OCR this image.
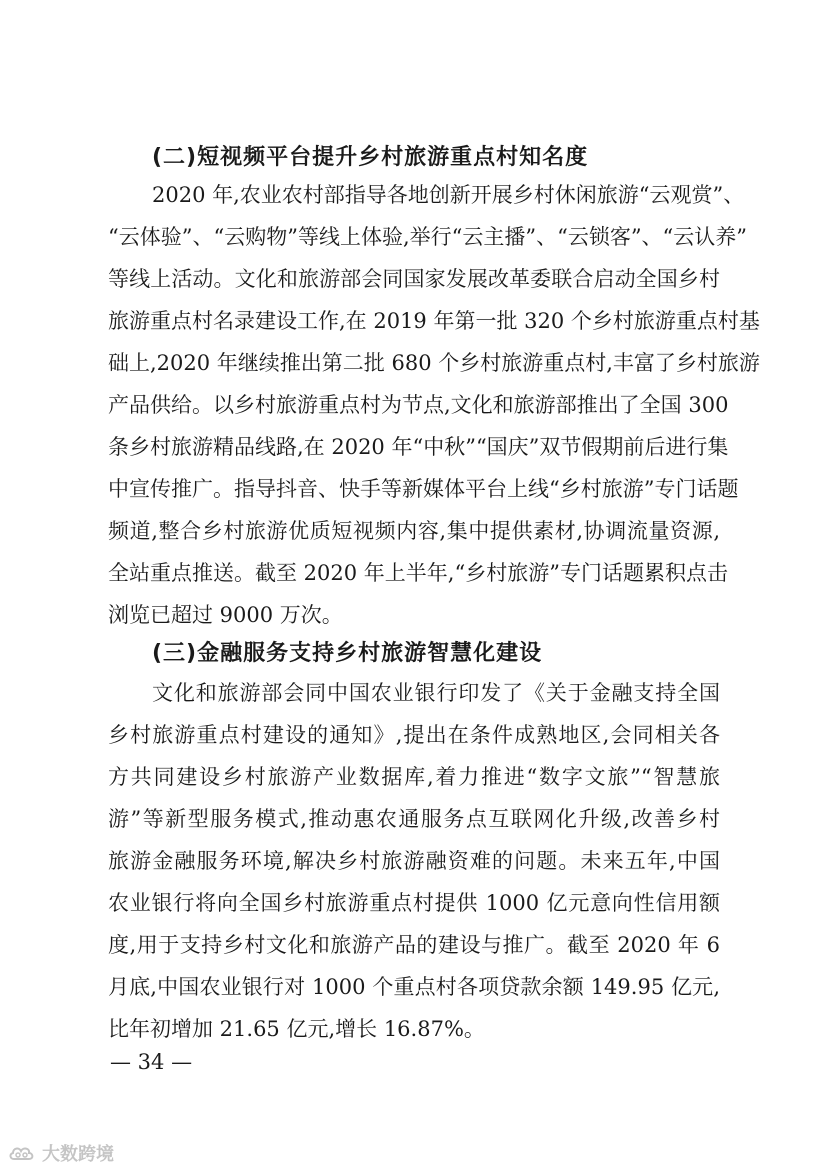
(二)短视频平台提升乡村旅游重点村知名度
2020 年,农业农村部指导各地创新开展乡村休闲旅游“云观赏”、
“云体验”、“云购物”等线上体验,举行“云主播”、“云锁客”、“云认养”
等线上活动。文化和旅游部会同国家发展改革委联合启动全国乡村
旅游重点村名录建设工作,在 2019 年第一批 320 个乡村旅游重点村基
础上,2020 年继续推出第二批 680 个乡村旅游重点村,丰富了乡村旅游
产品供给。以乡村旅游重点村为节点,文化和旅游部推出了全国 300
条乡村旅游精品线路,在 2020 年“中秋”“国庆”双节假期前后进行集
中宣传推广。指导抖音、快手等新媒体平台上线“乡村旅游”专门话题
频道,整合乡村旅游优质短视频内容,集中提供素材,协调流量资源,
全站重点推送。截至 2020 年上半年,“乡村旅游”专门话题累积点击
浏览已超过 9000 万次。
(三)金融服务支持乡村旅游智慧化建设
文化和旅游部会同中国农业银行印发了《关于金融支持全国
乡村旅游重点村建设的通知》,提出在条件成熟地区,会同相关各
方共同建设乡村旅游产业数据库,着力推进“数字文旅”“智慧旅
游”等新型服务模式,推动惠农通服务点互联网化升级,改善乡村
旅游金融服务环境,解决乡村旅游融资难的问题。未来五年,中国
农业银行将向全国乡村旅游重点村提供 1000 亿元意向性信用额
度,用于支持乡村文化和旅游产品的建设与推广。截至 2020 年 6
月底,中国农业银行对 1000 个重点村各项贷款余额 149.95 亿元,
比年初增加 21.65 亿元,增长 16.87%。
— 34 —
大数跨境
